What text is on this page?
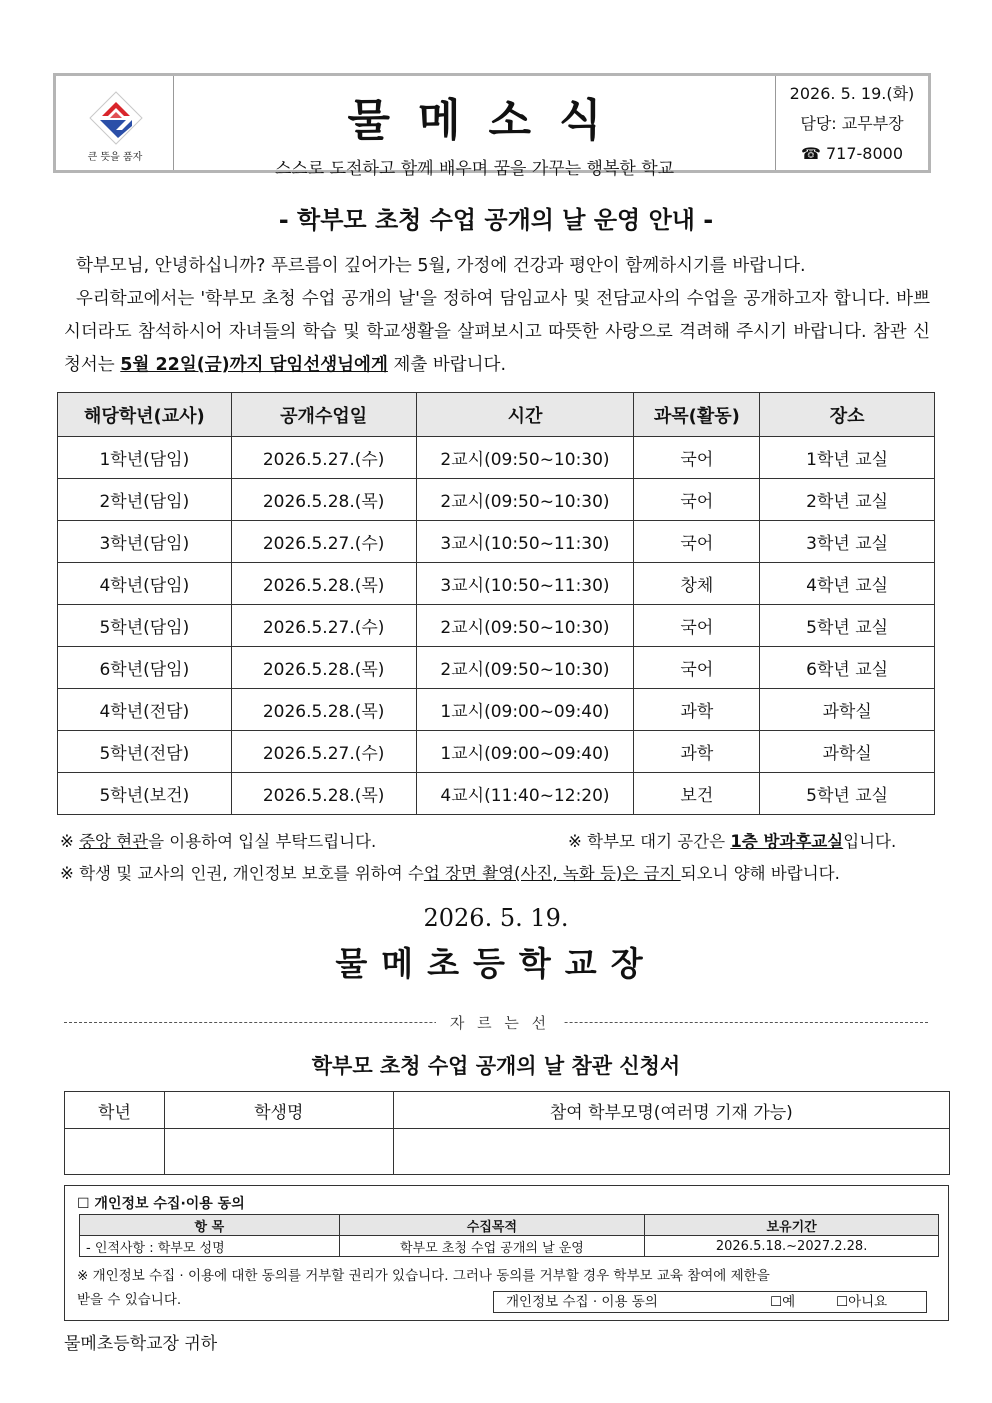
큰 뜻을 품자
물메소식
스스로 도전하고 함께 배우며 꿈을 가꾸는 행복한 학교
2026. 5. 19.(화)
담당: 교무부장
☎ 717-8000
- 학부모 초청 수업 공개의 날 운영 안내 -
학부모님, 안녕하십니까? 푸르름이 깊어가는 5월, 가정에 건강과 평안이 함께하시기를 바랍니다.
우리학교에서는 '학부모 초청 수업 공개의 날'을 정하여 담임교사 및 전담교사의 수업을 공개하고자 합니다. 바쁘시더라도 참석하시어 자녀들의 학습 및 학교생활을 살펴보시고 따뜻한 사랑으로 격려해 주시기 바랍니다. 참관 신청서는 5월 22일(금)까지 담임선생님에게 제출 바랍니다.
해당학년(교사)	공개수업일	시간	과목(활동)	장소
1학년(담임)	2026.5.27.(수)	2교시(09:50~10:30)	국어	1학년 교실
2학년(담임)	2026.5.28.(목)	2교시(09:50~10:30)	국어	2학년 교실
3학년(담임)	2026.5.27.(수)	3교시(10:50~11:30)	국어	3학년 교실
4학년(담임)	2026.5.28.(목)	3교시(10:50~11:30)	창체	4학년 교실
5학년(담임)	2026.5.27.(수)	2교시(09:50~10:30)	국어	5학년 교실
6학년(담임)	2026.5.28.(목)	2교시(09:50~10:30)	국어	6학년 교실
4학년(전담)	2026.5.28.(목)	1교시(09:00~09:40)	과학	과학실
5학년(전담)	2026.5.27.(수)	1교시(09:00~09:40)	과학	과학실
5학년(보건)	2026.5.28.(목)	4교시(11:40~12:20)	보건	5학년 교실
※ 중앙 현관을 이용하여 입실 부탁드립니다.	※ 학부모 대기 공간은 1층 방과후교실입니다.
※ 학생 및 교사의 인권, 개인정보 보호를 위하여 수업 장면 촬영(사진, 녹화 등)은 금지 되오니 양해 바랍니다.
2026. 5. 19.
물메초등학교장
자 르 는 선
학부모 초청 수업 공개의 날 참관 신청서
학년	학생명	참여 학부모명(여러명 기재 가능)

☐ 개인정보 수집·이용 동의
항 목	수집목적	보유기간
- 인적사항 : 학부모 성명	학부모 초청 수업 공개의 날 운영	2026.5.18.~2027.2.28.
※ 개인정보 수집 · 이용에 대한 동의를 거부할 권리가 있습니다. 그러나 동의를 거부할 경우 학부모 교육 참여에 제한을
받을 수 있습니다.	개인정보 수집 · 이용 동의	☐예	☐아니요
물메초등학교장 귀하
